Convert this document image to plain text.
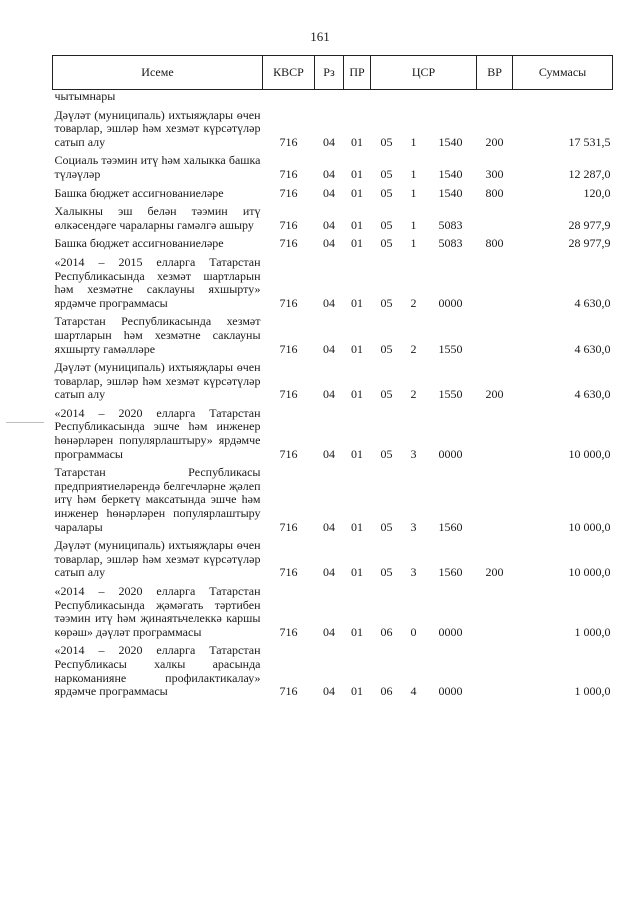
161
Исеме	КВСР	Рз	ПР	ЦСР			ВР	Суммасы
чытымнары								
Дәүләт (муниципаль) ихтыяҗлары өчен товарлар, эшләр һәм хезмәт күрсәтүләр сатып алу	716	04	01	05	1	1540	200	17 531,5
Социаль тәэмин итү һәм халыкка башка түләүләр	716	04	01	05	1	1540	300	12 287,0
Башка бюджет ассигнованиеләре	716	04	01	05	1	1540	800	120,0
Халыкны эш белән тәэмин итү өлкәсендәге чараларны гамәлгә ашыру	716	04	01	05	1	5083		28 977,9
Башка бюджет ассигнованиеләре	716	04	01	05	1	5083	800	28 977,9
«2014 – 2015 елларга Татарстан Республикасында хезмәт шартларын һәм хезмәтне саклауны яхшырту» ярдәмче программасы	716	04	01	05	2	0000		4 630,0
Татарстан Республикасында хезмәт шартларын һәм хезмәтне саклауны яхшырту гамәлләре	716	04	01	05	2	1550		4 630,0
Дәүләт (муниципаль) ихтыяҗлары өчен товарлар, эшләр һәм хезмәт күрсәтүләр сатып алу	716	04	01	05	2	1550	200	4 630,0
«2014 – 2020 елларга Татарстан Республикасында эшче һәм инженер һөнәрләрен популярлаштыру» ярдәмче программасы	716	04	01	05	3	0000		10 000,0
Татарстан Республикасы предприятиеләрендә белгечләрне җәлеп итү һәм беркетү максатында эшче һәм инженер һөнәрләрен популярлаштыру чаралары	716	04	01	05	3	1560		10 000,0
Дәүләт (муниципаль) ихтыяҗлары өчен товарлар, эшләр һәм хезмәт күрсәтүләр сатып алу	716	04	01	05	3	1560	200	10 000,0
«2014 – 2020 елларга Татарстан Республикасында җәмәгать тәртибен тәэмин итү һәм җинаятьчелеккә каршы көрәш» дәүләт программасы	716	04	01	06	0	0000		1 000,0
«2014 – 2020 елларга Татарстан Республикасы халкы арасында наркоманияне профилактикалау» ярдәмче программасы	716	04	01	06	4	0000		1 000,0
